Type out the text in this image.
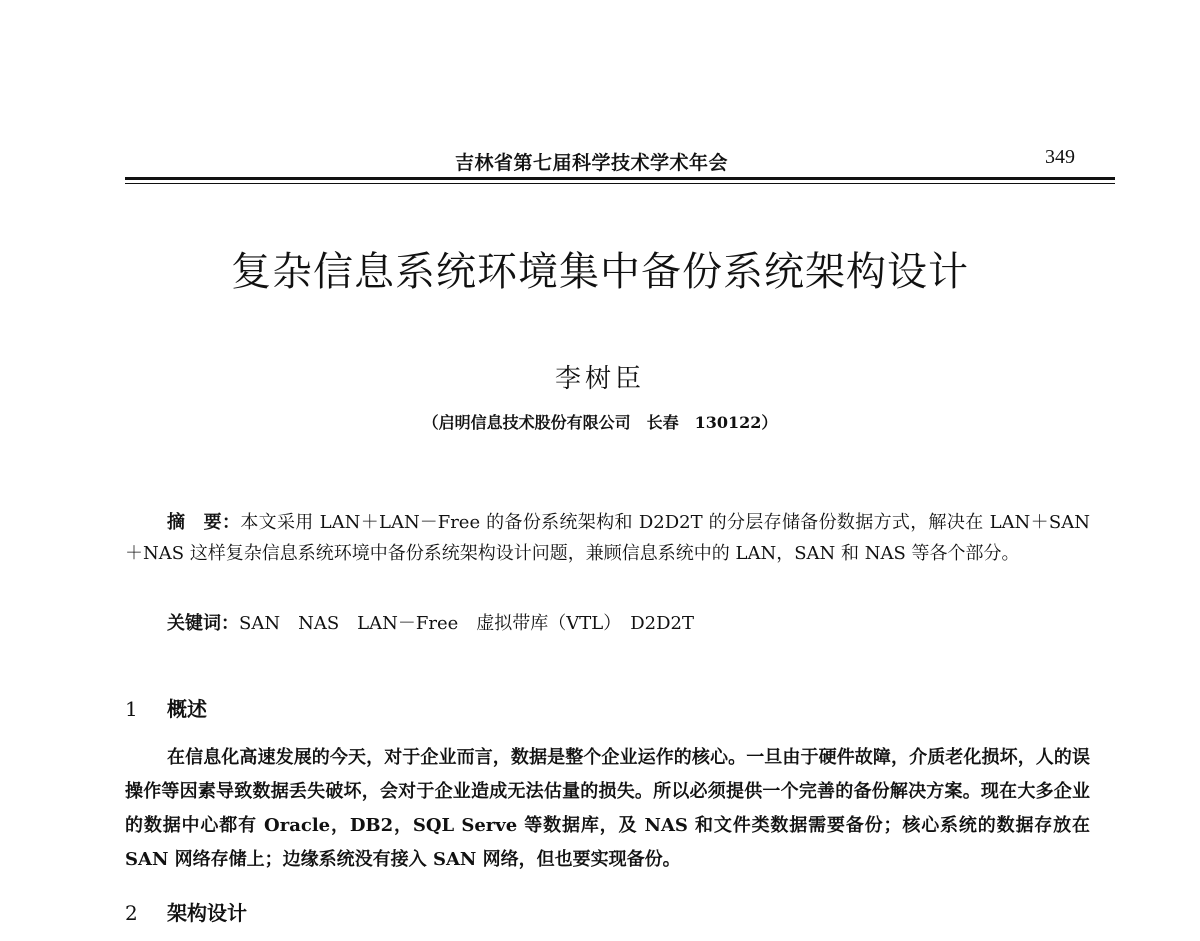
吉林省第七届科学技术学术年会	349
复杂信息系统环境集中备份系统架构设计
李树臣
（启明信息技术股份有限公司　长春　130122）
摘　要：本文采用 LAN＋LAN－Free 的备份系统架构和 D2D2T 的分层存储备份数据方式，解决在 LAN＋SAN＋NAS 这样复杂信息系统环境中备份系统架构设计问题，兼顾信息系统中的 LAN，SAN 和 NAS 等各个部分。
关键词：SAN　NAS　LAN－Free　虚拟带库（VTL）　D2D2T
1 概述
在信息化高速发展的今天，对于企业而言，数据是整个企业运作的核心。一旦由于硬件故障，介质老化损坏，人的误操作等因素导致数据丢失破坏，会对于企业造成无法估量的损失。所以必须提供一个完善的备份解决方案。现在大多企业的数据中心都有 Oracle，DB2，SQL Serve 等数据库，及 NAS 和文件类数据需要备份；核心系统的数据存放在 SAN 网络存储上；边缘系统没有接入 SAN 网络，但也要实现备份。
2 架构设计
